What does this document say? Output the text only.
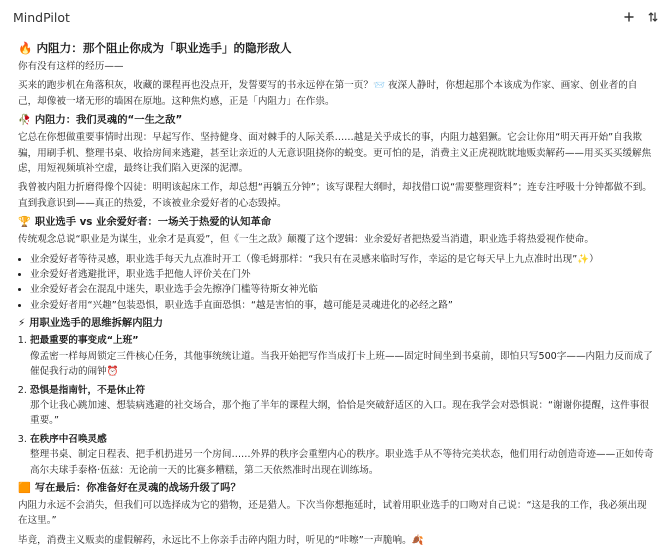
MindPilot
🔥 内阻力：那个阻止你成为「职业选手」的隐形敌人

你有没有这样的经历——

买来的跑步机在角落积灰，收藏的课程再也没点开，发誓要写的书永远停在第一页？📨 夜深人静时，你想起那个本该成为作家、画家、创业者的自己，却像被一堵无形的墙困在原地。这种焦灼感，正是「内阻力」在作祟。

🥀 内阻力：我们灵魂的“一生之敌”

它总在你想做重要事情时出现：早起写作、坚持健身、面对棘手的人际关系……越是关乎成长的事，内阻力越猖獗。它会让你用“明天再开始”自我欺骗，用刷手机、整理书桌、收拾房间来逃避，甚至让亲近的人无意识阻挠你的蜕变。更可怕的是，消费主义正虎视眈眈地贩卖解药——用买买买缓解焦虑，用短视频填补空虚，最终让我们陷入更深的泥潭。

我曾被内阻力折磨得像个囚徒：明明该起床工作，却总想“再躺五分钟”；该写课程大纲时，却找借口说“需要整理资料”；连专注呼吸十分钟都做不到。直到我意识到——真正的热爱，不该被业余爱好者的心态毁掉。

🏆 职业选手 vs 业余爱好者：一场关于热爱的认知革命

传统观念总说“职业是为谋生，业余才是真爱”，但《一生之敌》颠覆了这个逻辑：业余爱好者把热爱当消遣，职业选手将热爱视作使命。

• 业余爱好者等待灵感，职业选手每天九点准时开工（像毛姆那样：“我只有在灵感来临时写作，幸运的是它每天早上九点准时出现”✨）
• 业余爱好者逃避批评，职业选手把他人评价关在门外
• 业余爱好者会在混乱中迷失，职业选手会先擦净门槛等待斯女神光临
• 业余爱好者用“兴趣”包装恐惧，职业选手直面恐惧：“越是害怕的事，越可能是灵魂进化的必经之路”
⚡ 用职业选手的思维拆解内阻力
1. 把最重要的事变成“上班”
像孟密一样每周锁定三件核心任务，其他事统统让道。当我开始把写作当成打卡上班——固定时间坐到书桌前，即怕只写500字——内阻力反而成了催促我行动的闹钟⏰
2. 恐惧是指南针，不是休止符
那个让我心跳加速、想装病逃避的社交场合，那个拖了半年的课程大纲，恰恰是突破舒适区的入口。现在我学会对恐惧说：“谢谢你提醒，这件事很重要。”
3. 在秩序中召唤灵感
整理书桌、制定日程表、把手机扔进另一个房间……外界的秩序会重塑内心的秩序。职业选手从不等待完美状态，他们用行动创造奇迹——正如传奇高尔夫球手泰格·伍兹：无论前一天的比赛多糟糕，第二天依然准时出现在训练场。
🟧 写在最后：你准备好在灵魂的战场升级了吗？

内阻力永远不会消失，但我们可以选择成为它的猎物，还是猎人。下次当你想拖延时，试着用职业选手的口吻对自己说：“这是我的工作，我必须出现在这里。”

毕竟，消费主义贩卖的虚假解药，永远比不上你亲手击碎内阻力时，听见的“咔嚓”一声脆响。🍂
